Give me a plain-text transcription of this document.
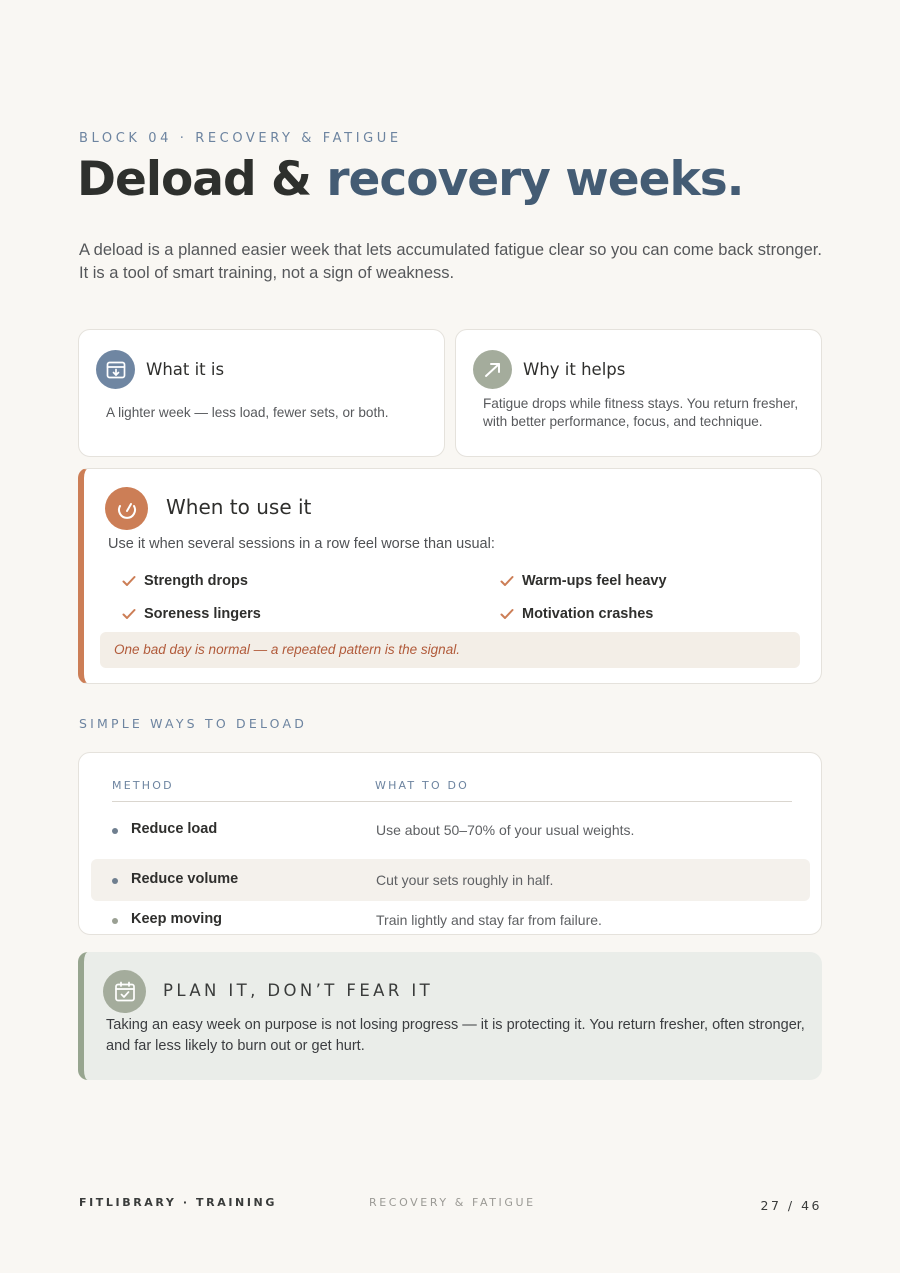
BLOCK 04 · RECOVERY & FATIGUE
Deload & recovery weeks.

A deload is a planned easier week that lets accumulated fatigue clear so you can come back stronger. It is a tool of smart training, not a sign of weakness.

What it is

A lighter week — less load, fewer sets, or both.

Why it helps

Fatigue drops while fitness stays. You return fresher, with better performance, focus, and technique.

When to use it

Use it when several sessions in a row feel worse than usual:

Strength drops	Warm-ups feel heavy
Soreness lingers	Motivation crashes
One bad day is normal — a repeated pattern is the signal.
SIMPLE WAYS TO DELOAD
METHOD	WHAT TO DO
Reduce load	Use about 50–70% of your usual weights.
Reduce volume	Cut your sets roughly in half.
Keep moving	Train lightly and stay far from failure.
PLAN IT, DON’T FEAR IT

Taking an easy week on purpose is not losing progress — it is protecting it. You return fresher, often stronger, and far less likely to burn out or get hurt.

FITLIBRARY · TRAINING	RECOVERY & FATIGUE	27 / 46
